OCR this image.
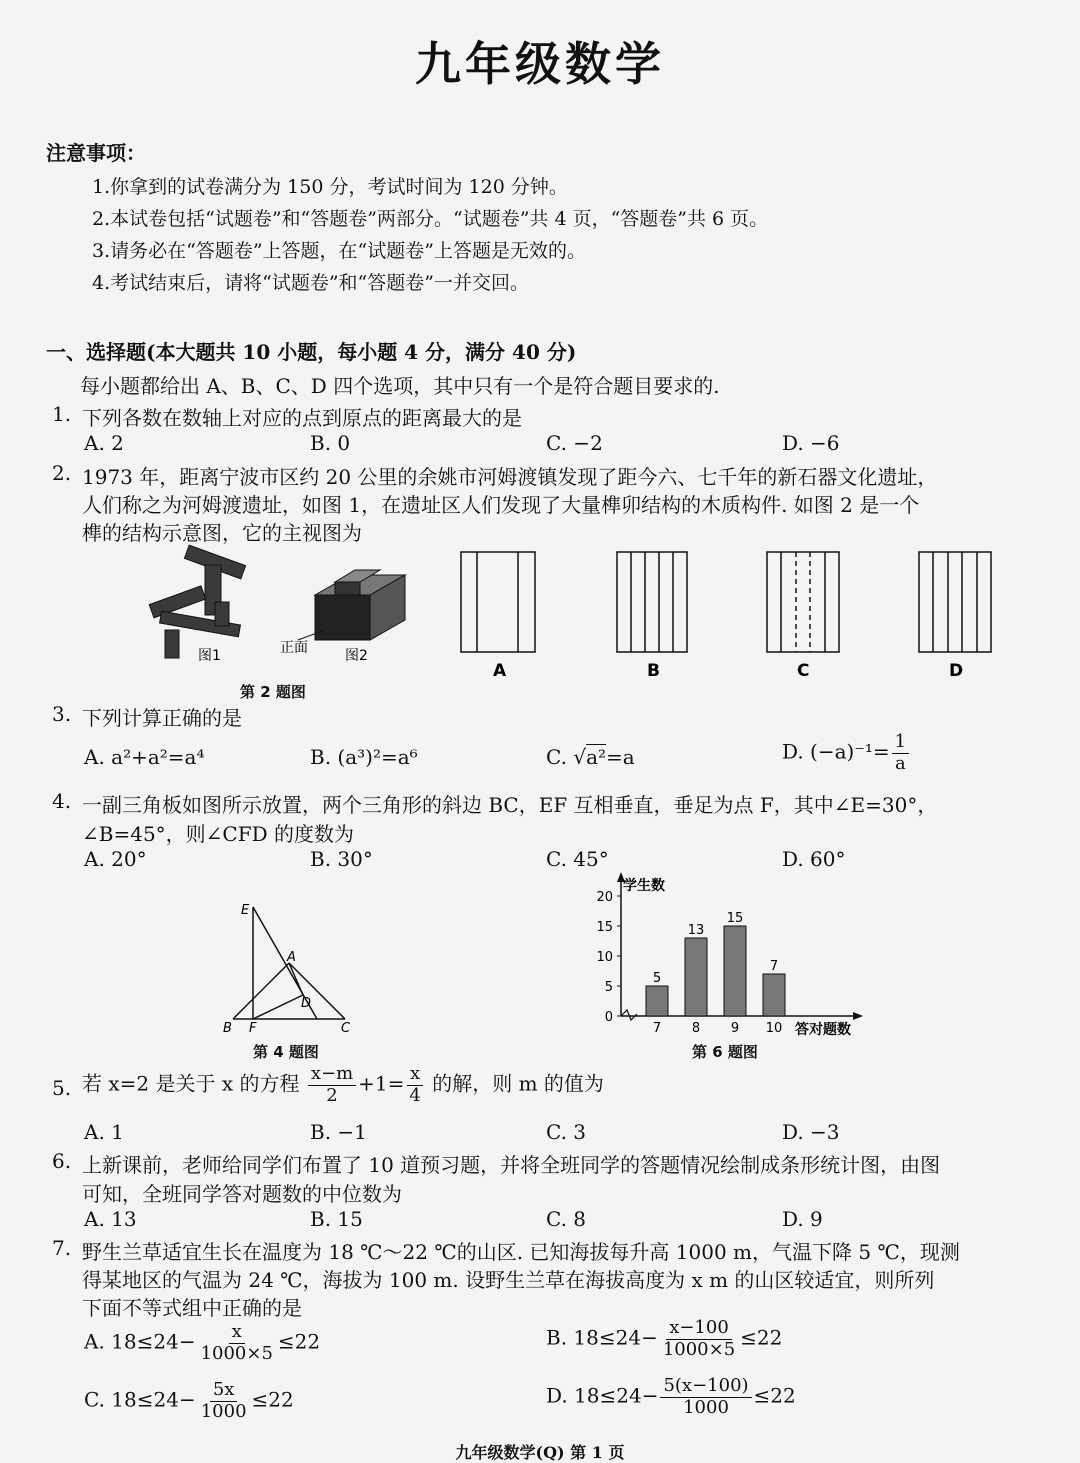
九年级数学
注意事项：
1.你拿到的试卷满分为 150 分，考试时间为 120 分钟。
2.本试卷包括“试题卷”和“答题卷”两部分。“试题卷”共 4 页，“答题卷”共 6 页。
3.请务必在“答题卷”上答题，在“试题卷”上答题是无效的。
4.考试结束后，请将“试题卷”和“答题卷”一并交回。
一、选择题(本大题共 10 小题，每小题 4 分，满分 40 分)
每小题都给出 A、B、C、D 四个选项，其中只有一个是符合题目要求的.
1. 下列各数在数轴上对应的点到原点的距离最大的是
A. 2	B. 0	C. −2	D. −6
2. 1973 年，距离宁波市区约 20 公里的余姚市河姆渡镇发现了距今六、七千年的新石器文化遗址，
人们称之为河姆渡遗址，如图 1，在遗址区人们发现了大量榫卯结构的木质构件. 如图 2 是一个
榫的结构示意图，它的主视图为
图1	正面	图2
第 2 题图
A	B	C	D
3. 下列计算正确的是
A. a²+a²=a⁴	B. (a³)²=a⁶	C. √a²=a	D. $(-a)^{-1}= \frac{1}{a}$
4. 一副三角板如图所示放置，两个三角形的斜边 BC，EF 互相垂直，垂足为点 F，其中∠E=30°，
∠B=45°，则∠CFD 的度数为
A. 20°	B. 30°	C. 45°	D. 60°
E
A
D
B F	C
第 4 题图
学生数
答对题数
0
5
10
15
20
5
7
13
8
15
9
7
10
第 6 题图
5. 若 x=2 是关于 x 的方程 $\frac{x-m}{2} +1= \frac{x}{4}$ 的解，则 m 的值为
A. 1	B. −1	C. 3	D. −3
6. 上新课前，老师给同学们布置了 10 道预习题，并将全班同学的答题情况绘制成条形统计图，由图
可知，全班同学答对题数的中位数为
A. 13	B. 15	C. 8	D. 9
7. 野生兰草适宜生长在温度为 18 ℃～22 ℃的山区. 已知海拔每升高 1000 m，气温下降 5 ℃，现测
得某地区的气温为 24 ℃，海拔为 100 m. 设野生兰草在海拔高度为 x m 的山区较适宜，则所列
下面不等式组中正确的是
A. $18\le 24- \frac{x}{1000\times 5} \le 22$	B. $18\le 24- \frac{x-100}{1000\times 5} \le 22$
C. $18\le 24- \frac{5x}{1000} \le 22$	D. $18\le 24- \frac{5(x-100)}{1000} \le 22$
九年级数学(Q) 第 1 页
